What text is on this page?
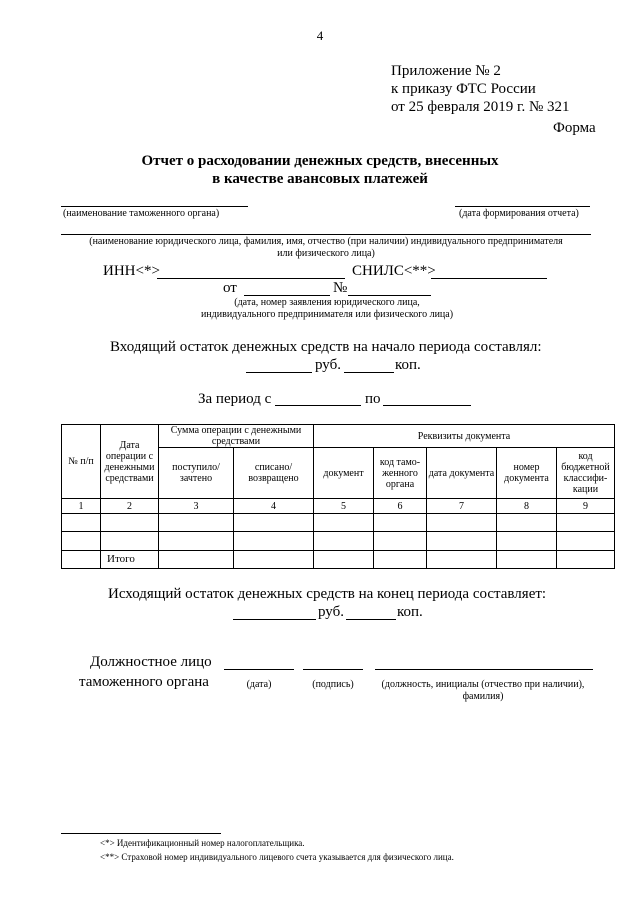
4
Приложение № 2
к приказу ФТС России
от 25 февраля 2019 г. № 321
Форма
Отчет о расходовании денежных средств, внесенных
в качестве авансовых платежей
(наименование таможенного органа)	(дата формирования отчета)
(наименование юридического лица, фамилия, имя, отчество (при наличии) индивидуального предпринимателя
или физического лица)
ИНН<*>	СНИЛС<**>
от	№
(дата, номер заявления юридического лица,
индивидуального предпринимателя или физического лица)
Входящий остаток денежных средств на начало периода составлял:
руб.	коп.
За период с	по
№ п/п	Дата операции с денежными средствами	Сумма операции с денежными средствами		Реквизиты документа				
		поступило/ зачтено	списано/ возвращено	документ	код тамо- женного органа	дата документа	номер документа	код бюджетной классифи- кации
1	2	3	4	5	6	7	8	9

	Итого							
Исходящий остаток денежных средств на конец периода составляет:
руб.	коп.
Должностное лицо
таможенного органа	(дата)	(подпись)	(должность, инициалы (отчество при наличии),
фамилия)
<*> Идентификационный номер налогоплательщика.
<**> Страховой номер индивидуального лицевого счета указывается для физического лица.
